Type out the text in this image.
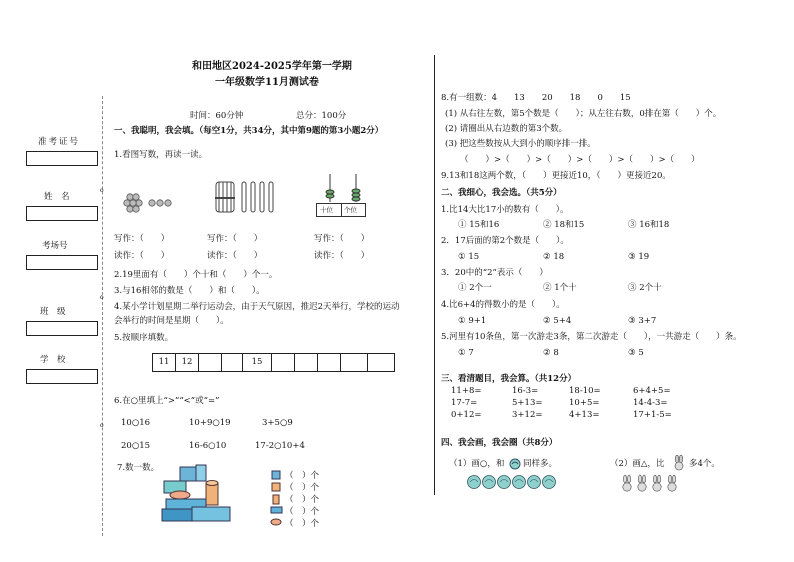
o
o
o
准考证号
姓　名
考场号
班　级
学　校
和田地区2024-2025学年第一学期
一年级数学11月测试卷
时间：60分钟	总分：100分
一、我聪明，我会填。（每空1分，共34分，其中第9题的第3小题2分）
1.看图写数，再读一读。
十位 个位
写作：（　　）	写作：（　　）	写作：（　　）
读作：（　　）	读作：（　　）	读作：（　　）
2.19里面有（　　）个十和（　　）个一。
3.与16相邻的数是（　　）和（　　）。
4.某小学计划星期二举行运动会，由于天气原因，推迟2天举行，学校的运动
会举行的时间是星期（　　）。
5.按顺序填数。
11	12	15
6.在○里填上“>”“<”或“=”
10○16	10+9○19	3+5○9
20○15	16-6○10	17-2○10+4
7.数一数。
（　）个
（　）个
（　）个
（　）个
（　）个
8.有一组数：4　　13　　20　　18　　0　　15
(1) 从右往左数，第5个数是（　　）；从左往右数，0排在第（　　）个。
(2) 请圈出从右边数的第3个数。
(3) 把这些数按从大到小的顺序排一排。
（　　）>（　　）>（　　）>（　　）>（　　）>（　　）
9.13和18这两个数，（　　）更接近10，（　　）更接近20。
二、我细心，我会选。（共5分）
1.比14大比17小的数有（　　）。
① 15和16	② 18和15	③ 16和18
2．17后面的第2个数是（　　）。
① 15	② 18	③ 19
3．20中的“2”表示（　　）
① 2个一	② 1个十	③ 2个十
4.比6+4的得数小的是（　　）。
① 9+1	② 5+4	③ 3+7
5.河里有10条鱼，第一次游走3条，第二次游走（　　），一共游走（　　）条。
① 7	② 8	③ 5
三、看清题目，我会算。（共12分）
11+8=	16-3=	18-10=	6+4+5=
17-7=	5+13=	10+5=	14-4-3=
0+12=	3+12=	4+13=	17+1-5=
四、我会画，我会圈（共8分）
（1）画○，和 同样多。	（2）画△，比	多4个。
